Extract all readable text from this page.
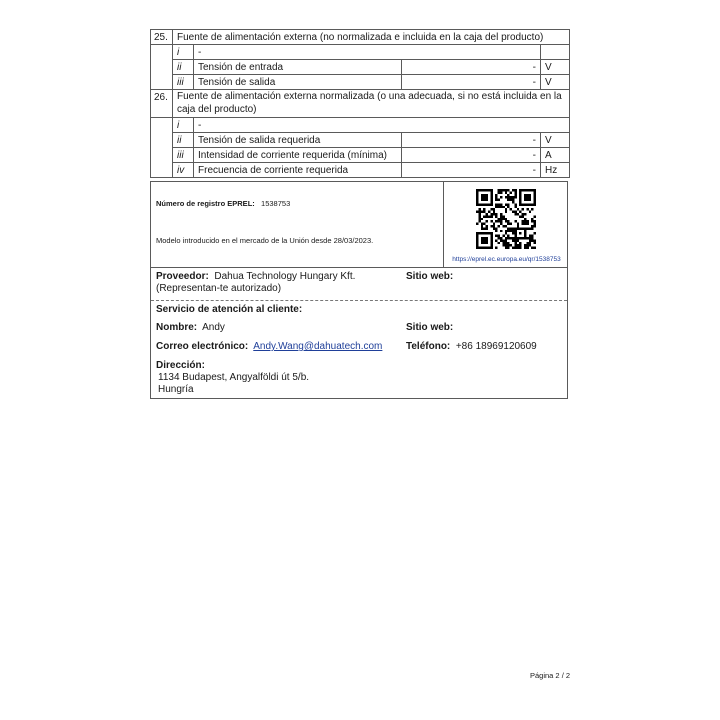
25.	Fuente de alimentación externa (no normalizada e incluida en la caja del producto)			
	i	-		
	ii	Tensión de entrada	-	V
	iii	Tensión de salida	-	V
26.	Fuente de alimentación externa normalizada (o una adecuada, si no está incluida en la caja del producto)			
	i	-		
	ii	Tensión de salida requerida	-	V
	iii	Intensidad de corriente requerida (mínima)	-	A
	iv	Frecuencia de corriente requerida	-	Hz
Número de registro EPREL: 1538753
Modelo introducido en el mercado de la Unión desde 28/03/2023.
https://eprel.ec.europa.eu/qr/1538753
Proveedor: Dahua Technology Hungary Kft. (Representan-te autorizado)
Sitio web:
Servicio de atención al cliente:
Nombre: Andy	Sitio web:
Correo electrónico: Andy.Wang@dahuatech.com Teléfono: +86 18969120609
Dirección:
1134 Budapest, Angyalföldi út 5/b.
Hungría
Página 2 / 2
